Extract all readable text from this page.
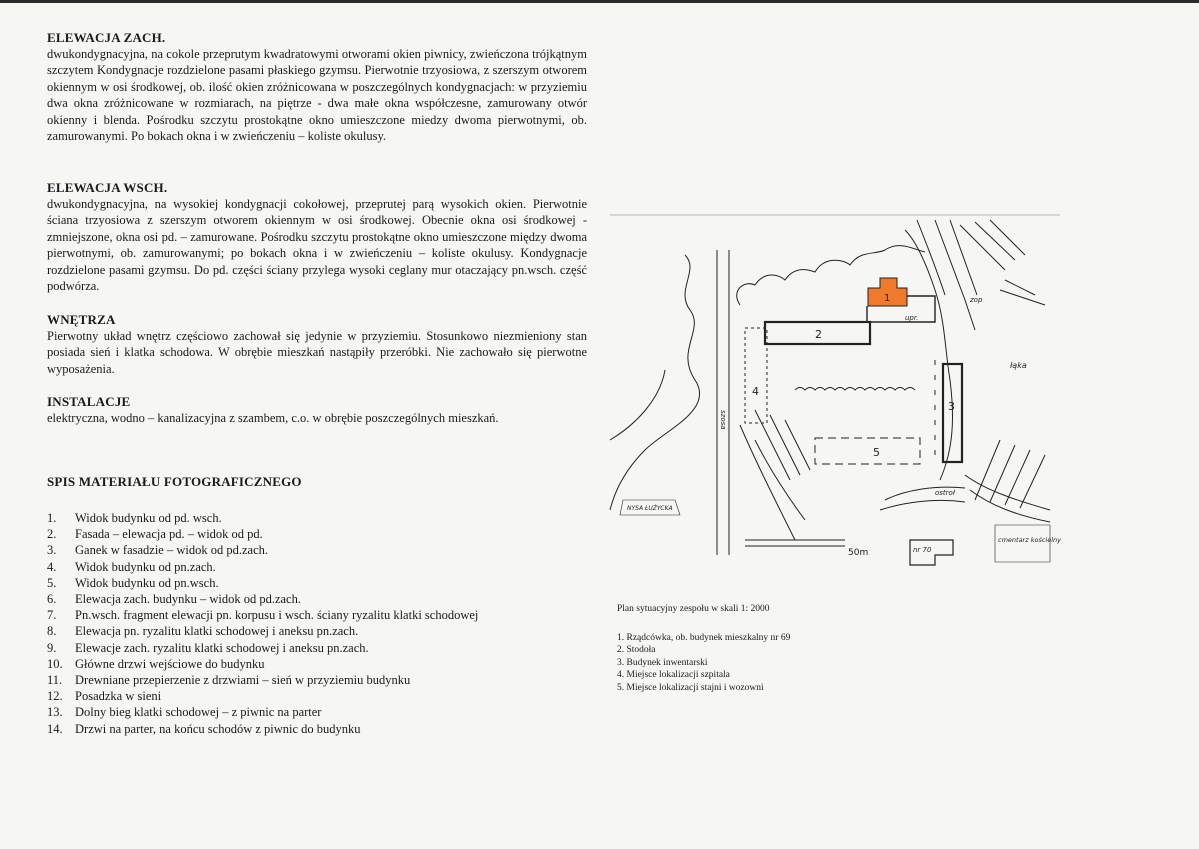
ELEWACJA ZACH.

dwukondygnacyjna, na cokole przeprutym kwadratowymi otworami okien piwnicy, zwieńczona trójkątnym szczytem Kondygnacje rozdzielone pasami płaskiego gzymsu. Pierwotnie trzyosiowa, z szerszym otworem okiennym w osi środkowej, ob. ilość okien zróżnicowana w poszczególnych kondygnacjach: w przyziemiu dwa okna zróżnicowane w rozmiarach, na piętrze - dwa małe okna współczesne, zamurowany otwór okienny i blenda. Pośrodku szczytu prostokątne okno umieszczone miedzy dwoma pierwotnymi, ob. zamurowanymi. Po bokach okna i w zwieńczeniu – koliste okulusy.

ELEWACJA WSCH.

dwukondygnacyjna, na wysokiej kondygnacji cokołowej, przeprutej parą wysokich okien. Pierwotnie ściana trzyosiowa z szerszym otworem okiennym w osi środkowej. Obecnie okna osi środkowej - zmniejszone, okna osi pd. – zamurowane. Pośrodku szczytu prostokątne okno umieszczone między dwoma pierwotnymi, ob. zamurowanymi; po bokach okna i w zwieńczeniu – koliste okulusy. Kondygnacje rozdzielone pasami gzymsu. Do pd. części ściany przylega wysoki ceglany mur otaczający pn.wsch. część podwórza.

WNĘTRZA

Pierwotny układ wnętrz częściowo zachował się jedynie w przyziemiu. Stosunkowo niezmieniony stan posiada sień i klatka schodowa. W obrębie mieszkań nastąpiły przeróbki. Nie zachowało się pierwotne wyposażenia.

INSTALACJE

elektryczna, wodno – kanalizacyjna z szambem, c.o. w obrębie poszczególnych mieszkań.

SPIS MATERIAŁU FOTOGRAFICZNEGO
1.	Widok budynku od pd. wsch.
2.	Fasada – elewacja pd. – widok od pd.
3.	Ganek w fasadzie – widok od pd.zach.
4.	Widok budynku od pn.zach.
5.	Widok budynku od pn.wsch.
6.	Elewacja zach. budynku – widok od pd.zach.
7.	Pn.wsch. fragment elewacji pn. korpusu i wsch. ściany ryzalitu klatki schodowej
8.	Elewacja pn. ryzalitu klatki schodowej i aneksu pn.zach.
9.	Elewacje zach. ryzalitu klatki schodowej i aneksu pn.zach.
10. Główne drzwi wejściowe do budynku
11.	Drewniane przepierzenie z drzwiami – sień w przyziemiu budynku
12. Posadzka w sieni
13. Dolny bieg klatki schodowej – z piwnic na parter
14. Drzwi na parter, na końcu schodów z piwnic do budynku
1
2
3
4
5
upr.
zop
łąka
szosa
50m	nr 70
ostroł
NYSA ŁUŻYCKA
cmentarz kościelny
Plan sytuacyjny zespołu w skali 1: 2000
1. Rządcówka, ob. budynek mieszkalny nr 69
2. Stodoła
3. Budynek inwentarski
4. Miejsce lokalizacji szpitala
5. Miejsce lokalizacji stajni i wozowni
